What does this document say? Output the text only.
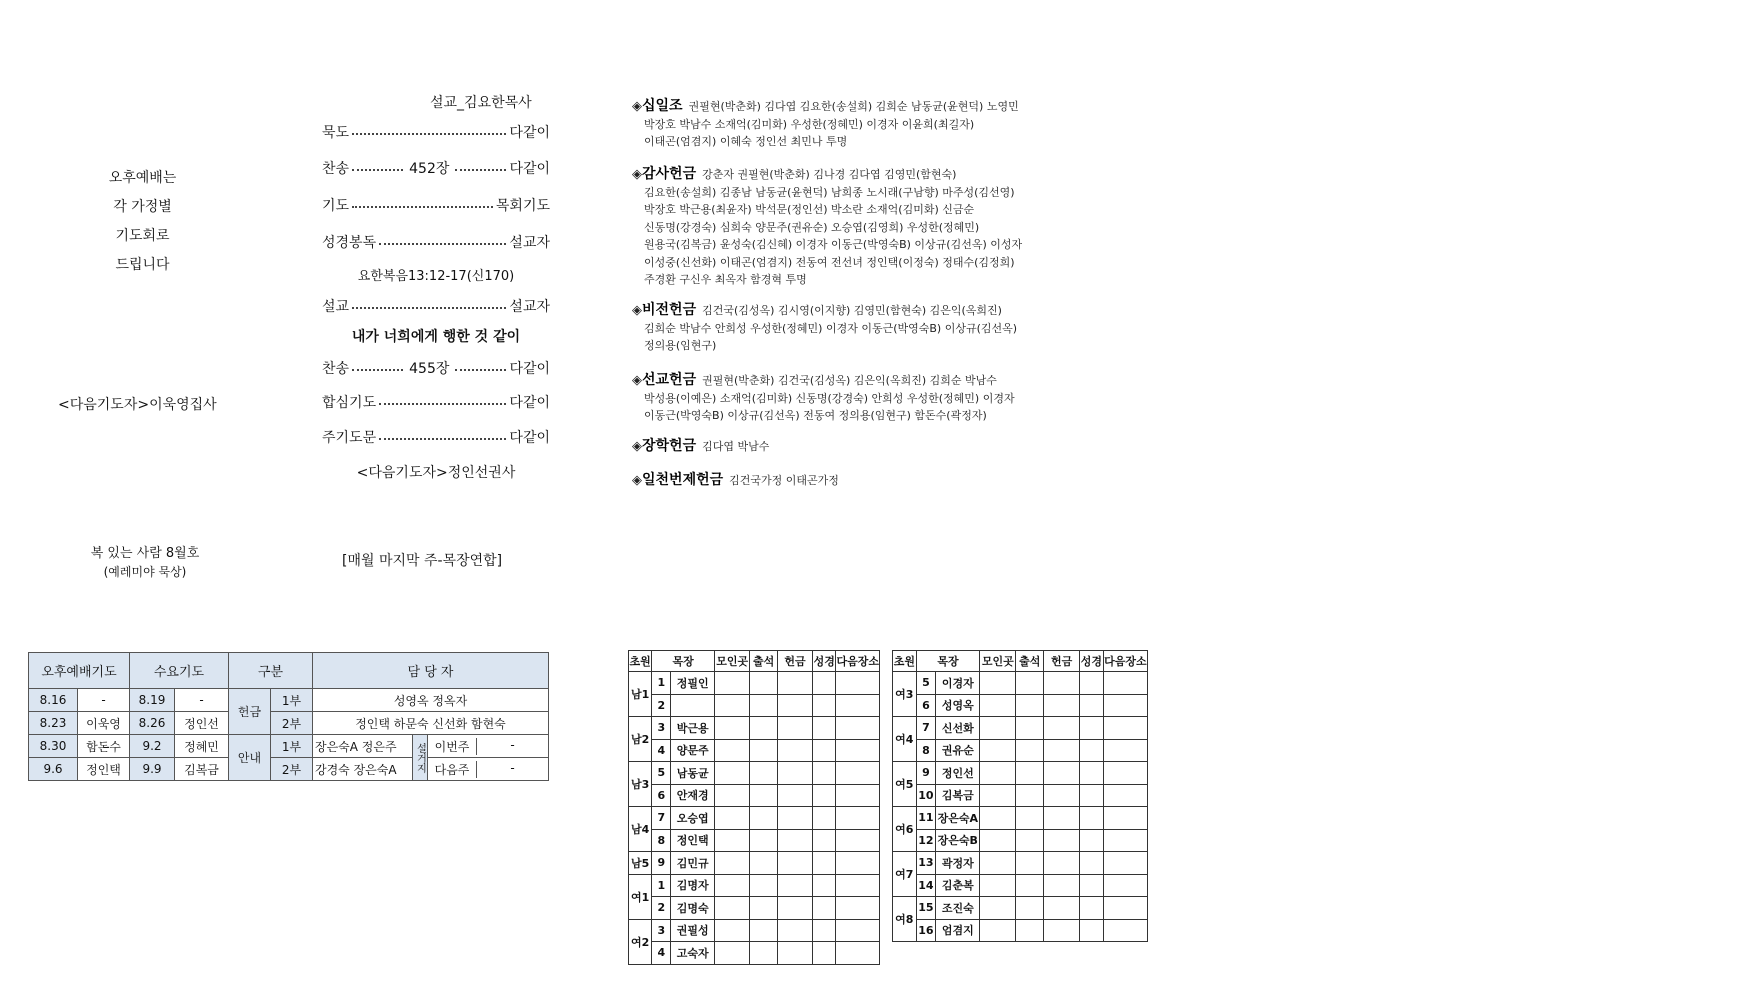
설교_김요한목사
묵도	다같이
찬송	452장	다같이
기도	목회기도
성경봉독	설교자
설교	설교자
찬송	455장	다같이
합심기도	다같이
주기도문	다같이
요한복음13:12-17(신170)
내가 너희에게 행한 것 같이
<다음기도자>정인선권사
오후예배는
각 가정별
기도회로
드립니다
<다음기도자>이욱영집사
복 있는 사람 8월호
(예레미야 묵상)
[매월 마지막 주-목장연합]
◈십일조 권필현(박춘화) 김다엽 김요한(송설희) 김희순 남동균(윤현덕) 노영민
박장호 박남수 소재억(김미화) 우성한(정혜민) 이경자 이윤희(최길자)
이태곤(엄겸지) 이혜숙 정인선 최민나 투명
◈감사헌금 강춘자 권필현(박춘화) 김나경 김다엽 김영민(함현숙)
김요한(송설희) 김종남 남동균(윤현덕) 남희종 노시래(구남향) 마주성(김선영)
박장호 박근용(최윤자) 박석문(정인선) 박소란 소재억(김미화) 신금순
신동명(강경숙) 심희숙 양문주(권유순) 오승엽(김영희) 우성한(정혜민)
원용국(김복금) 윤성숙(김신혜) 이경자 이동근(박영숙B) 이상규(김선옥) 이성자
이성중(신선화) 이태곤(엄겸지) 전동여 전선녀 정인택(이정숙) 정태수(김정희)
주경환 구신우 최옥자 함경혁 투명
◈비전헌금 김건국(김성옥) 김시영(이지향) 김영민(함현숙) 김은익(옥희진)
김희순 박남수 안희성 우성한(정혜민) 이경자 이동근(박영숙B) 이상규(김선옥)
정의용(임현구)
◈선교헌금 권필현(박춘화) 김건국(김성옥) 김은익(옥희진) 김희순 박남수
박성용(이예은) 소재억(김미화) 신동명(강경숙) 안희성 우성한(정혜민) 이경자
이동근(박영숙B) 이상규(김선옥) 전동여 정의용(임현구) 함돈수(곽정자)
◈장학헌금 김다엽 박남수
◈일천번제헌금 김건국가정 이태곤가정
오후예배기도		수요기도		구분		담 당 자		
8.16	-	8.19	-	헌금	1부	성영옥 정옥자		
8.23	이욱영	8.26	정인선		2부	정인택 하문숙 신선화 함현숙		
8.30	함돈수	9.2	정혜민	안내	1부	장은숙A 정은주	설거지	이번주 -

9.6	정인택	9.9	김복금		2부	강경숙 장은숙A		다음주 -
초원	목장		모인곳	출석	헌금	성경	다음장소
남1	1	정필인					
	2						
남2	3	박근용					
	4	양문주					
남3	5	남동균					
	6	안재경					
남4	7	오승엽					
	8	정인택					
남5	9	김민규					
여1	1	김명자					
	2	김명숙					
여2	3	권필성					
	4	고숙자					
초원	목장		모인곳	출석	헌금	성경	다음장소
여3	5	이경자					
	6	성영옥					
여4	7	신선화					
	8	권유순					
여5	9	정인선					
	10	김복금					
여6	11	장은숙A					
	12	장은숙B					
여7	13	곽정자					
	14	김춘복					
여8	15	조진숙					
	16	엄겸지					
